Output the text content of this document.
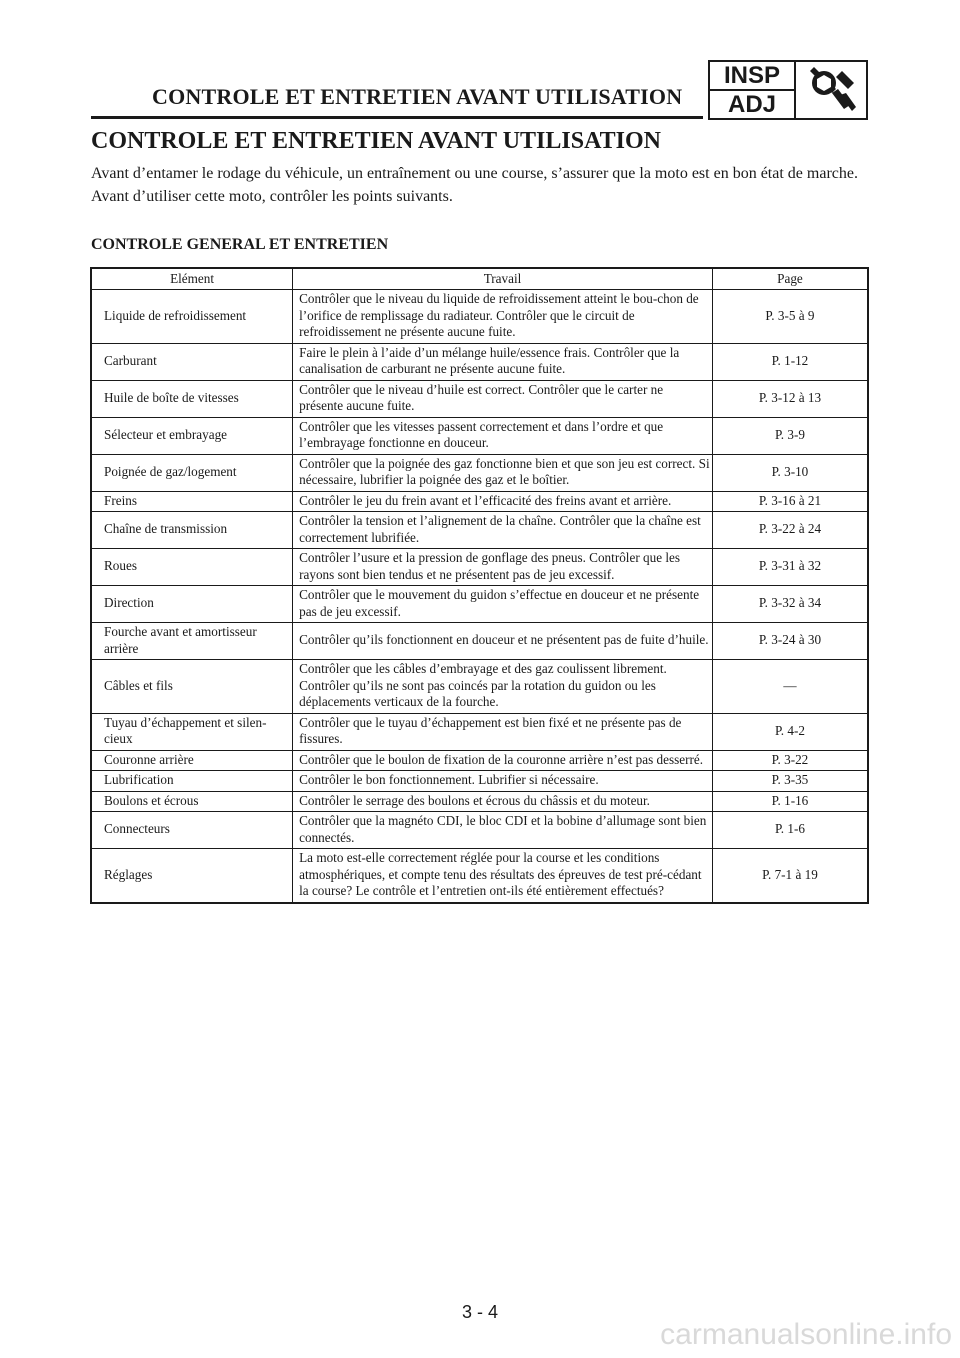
CONTROLE ET ENTRETIEN AVANT UTILISATION
INSP
ADJ
CONTROLE ET ENTRETIEN AVANT UTILISATION

Avant d’entamer le rodage du véhicule, un entraînement ou une course, s’assurer que la moto est en bon état de marche.

Avant d’utiliser cette moto, contrôler les points suivants.

CONTROLE GENERAL ET ENTRETIEN
Elément	Travail	Page
Liquide de refroidissement	Contrôler que le niveau du liquide de refroidissement atteint le bou-chon de l’orifice de remplissage du radiateur. Contrôler que le circuit de refroidissement ne présente aucune fuite.	P. 3-5 à 9
Carburant	Faire le plein à l’aide d’un mélange huile/essence frais. Contrôler que la canalisation de carburant ne présente aucune fuite.	P. 1-12
Huile de boîte de vitesses	Contrôler que le niveau d’huile est correct. Contrôler que le carter ne présente aucune fuite.	P. 3-12 à 13
Sélecteur et embrayage	Contrôler que les vitesses passent correctement et dans l’ordre et que l’embrayage fonctionne en douceur.	P. 3-9
Poignée de gaz/logement	Contrôler que la poignée des gaz fonctionne bien et que son jeu est correct. Si nécessaire, lubrifier la poignée des gaz et le boîtier.	P. 3-10
Freins	Contrôler le jeu du frein avant et l’efficacité des freins avant et arrière.	P. 3-16 à 21
Chaîne de transmission	Contrôler la tension et l’alignement de la chaîne. Contrôler que la chaîne est correctement lubrifiée.	P. 3-22 à 24
Roues	Contrôler l’usure et la pression de gonflage des pneus. Contrôler que les rayons sont bien tendus et ne présentent pas de jeu excessif.	P. 3-31 à 32
Direction	Contrôler que le mouvement du guidon s’effectue en douceur et ne présente pas de jeu excessif.	P. 3-32 à 34
Fourche avant et amortisseur arrière	Contrôler qu’ils fonctionnent en douceur et ne présentent pas de fuite d’huile.	P. 3-24 à 30
Câbles et fils	Contrôler que les câbles d’embrayage et des gaz coulissent librement. Contrôler qu’ils ne sont pas coincés par la rotation du guidon ou les déplacements verticaux de la fourche.	—
Tuyau d’échappement et silen-cieux	Contrôler que le tuyau d’échappement est bien fixé et ne présente pas de fissures.	P. 4-2
Couronne arrière	Contrôler que le boulon de fixation de la couronne arrière n’est pas desserré.	P. 3-22
Lubrification	Contrôler le bon fonctionnement. Lubrifier si nécessaire.	P. 3-35
Boulons et écrous	Contrôler le serrage des boulons et écrous du châssis et du moteur.	P. 1-16
Connecteurs	Contrôler que la magnéto CDI, le bloc CDI et la bobine d’allumage sont bien connectés.	P. 1-6
Réglages	La moto est-elle correctement réglée pour la course et les conditions atmosphériques, et compte tenu des résultats des épreuves de test pré-cédant la course? Le contrôle et l’entretien ont-ils été entièrement effectués?	P. 7-1 à 19
3 - 4
carmanualsonline.info
